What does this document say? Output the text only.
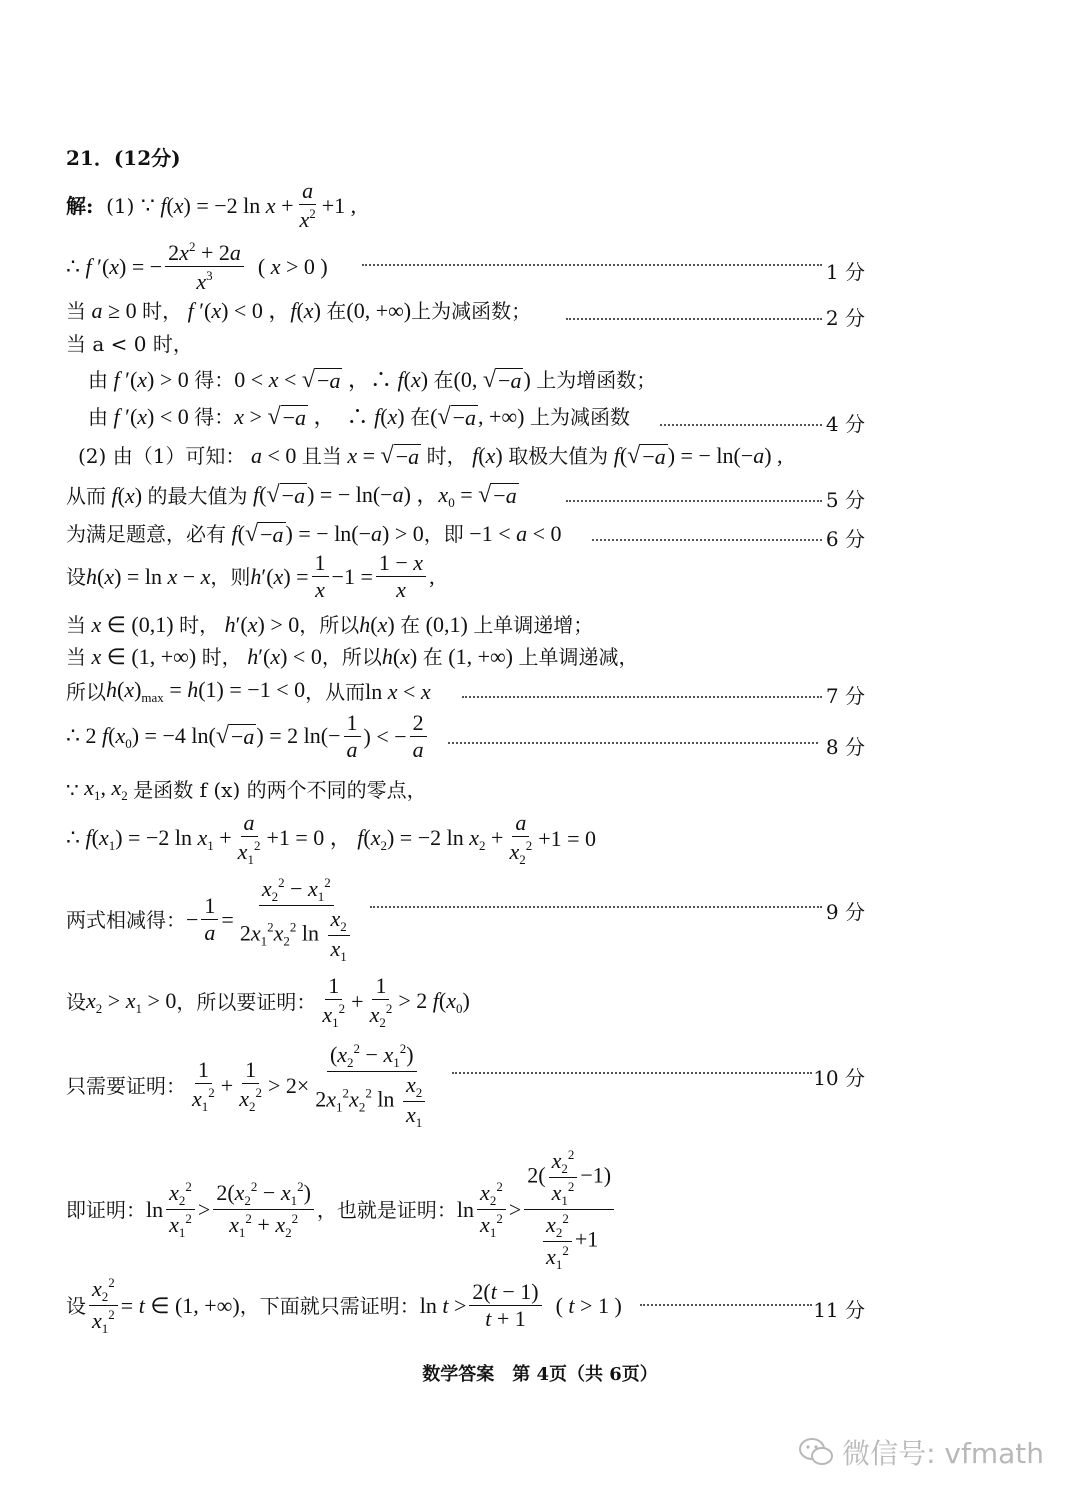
21． (12分)
解:
(1)
∵ f(x) = −2 $\ln x + \frac{a}{x^2} +1$ ,
∴ f ′(x) = − $\frac{2x^2 + 2a}{x^3}$ ( x > 0 )	1 分
当 a ≥ 0 时， f ′(x) < 0 ，f(x) 在 (0, +∞) 上为减函数；	2 分
当 a < 0 时，
由 f ′(x) > 0 得： 0 < x < √ −a ，∴ f(x) 在 (0, √ −a ) 上为增函数；
由 f ′(x) < 0 得： x > √ −a ，  ∴ f(x) 在 ( √ −a , +∞) 上为减函数	4 分
(2)
由（1）可知： a < 0 且当 x = √ −a
时， f(x) 取极大值为 f( √ −a ) = − ln(−a) ,
从而 f(x) 的最大值为 f( √ −a ) = − ln(−a) ，$x_0$ = √ −a	5 分
为满足题意，必有 f( √ −a ) = − ln(−a) > 0 ，即 −1 < a < 0	6 分
设 h(x) = ln x − x ，则 $h'(x) = \frac{1}{x} -1 = \frac{1 - x}{x}$ ,
当 x ∈ (0,1) 时， h′(x) > 0 ，所以 h(x) 在 (0,1) 上单调递增；
当 x ∈ (1, +∞) 时， h′(x) < 0 ，所以 h(x) 在 (1, +∞) 上单调递减，
所以 $h(x)_{max} = h(1) = -1 < 0$ ，从而 ln x < x	7 分
∴ 2 $f(x_0) = -4$ ln( √ −a ) = 2 $\ln(- \frac{1}{a}$ ) < − $\frac{2}{a}$	8 分
∵ $x_1$, $x_2$ 是函数 f (x) 的两个不同的零点，
∴ $f(x_1) = -2$ $\ln x_1 + \frac{a}{x_1^2} +1 = 0$ ， $f(x_2) = -2$ $\ln x_2 + \frac{a}{x_2^2} +1 = 0$
两式相减得： − $\frac{1}{a} = \frac{x_2^2 - x_1^2}{2x_1^2x_2^2 \ln \frac{x_2}{x_1}}$	9 分
设 $x_2 > x_1 > 0$ ，所以要证明： $\frac{1}{x_1^2} + \frac{1}{x_2^2} > 2$ $f(x_0)$
只需要证明： $\frac{1}{x_1^2} + \frac{1}{x_2^2} > 2\times \frac{(x_2^2 - x_1^2)}{2x_1^2x_2^2 \ln \frac{x_2}{x_1}}$	10 分
即证明： $\ln \frac{x_2^2}{x_1^2} > \frac{2(x_2^2 - x_1^2)}{x_1^2 + x_2^2}$ ，也就是证明： $\ln \frac{x_2^2}{x_1^2} > \frac{2( \frac{x_2^2}{x_1^2} -1)}{\frac{x_2^2}{x_1^2} +1}$
设 $\frac{x_2^2}{x_1^2} = t$ ∈ (1, +∞) ，下面就只需证明： $\ln t > \frac{2(t - 1)}{t + 1}$ ( t > 1 )	11 分
数学答案　第 4页（共 6页）
微信号: vfmath
